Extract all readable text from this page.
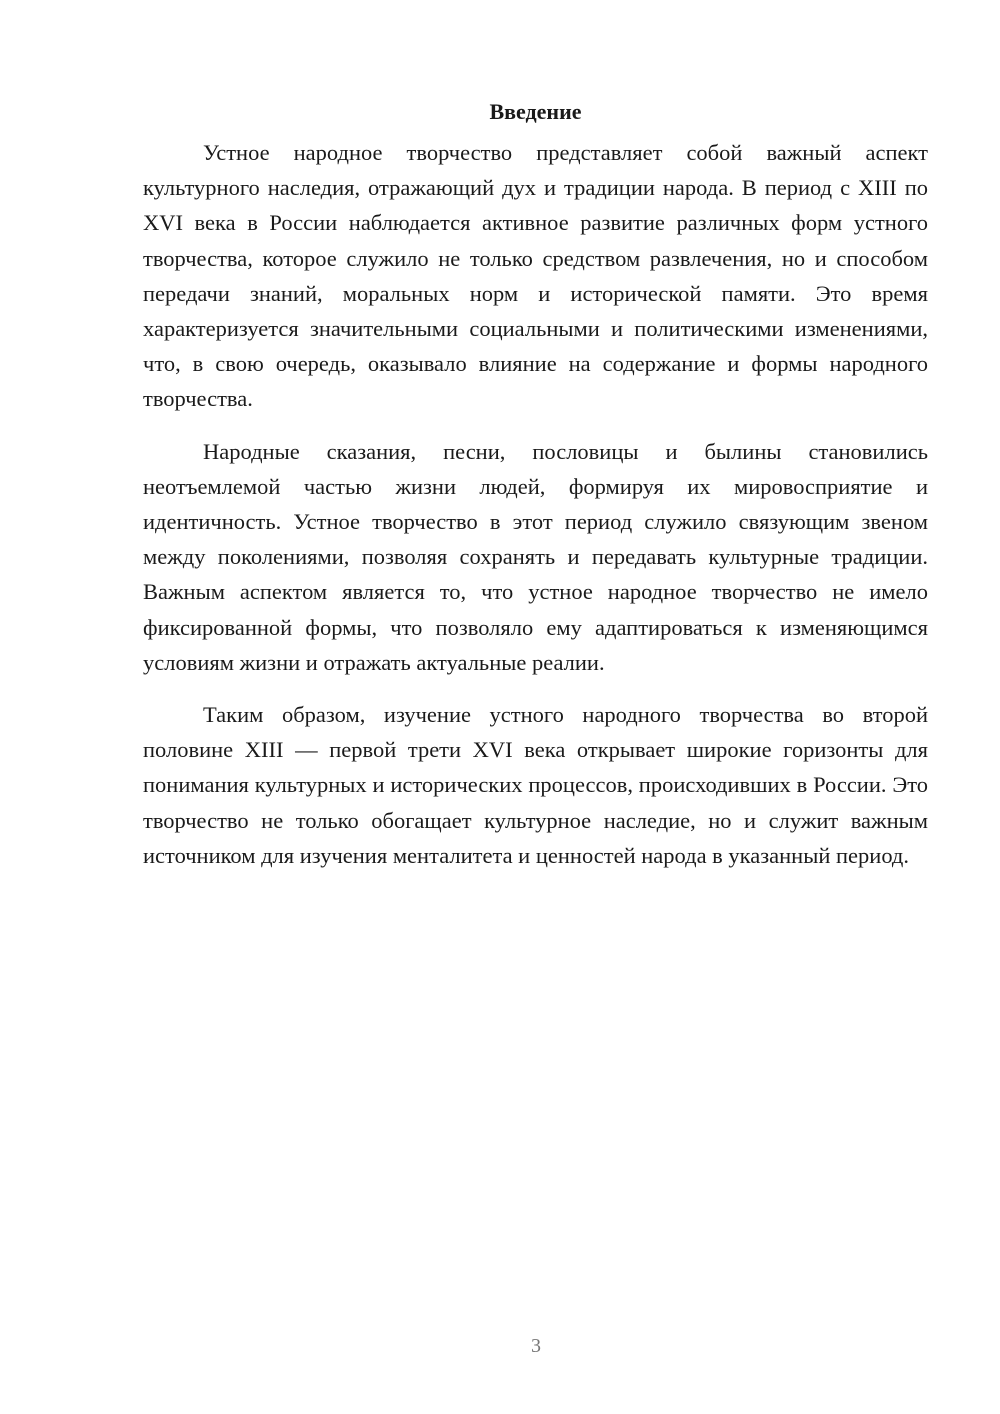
Введение

Устное народное творчество представляет собой важный аспект культурного наследия, отражающий дух и традиции народа. В период с XIII по XVI века в России наблюдается активное развитие различных форм устного творчества, которое служило не только средством развлечения, но и способом передачи знаний, моральных норм и исторической памяти. Это время характеризуется значительными социальными и политическими изменениями, что, в свою очередь, оказывало влияние на содержание и формы народного творчества.

Народные сказания, песни, пословицы и былины становились неотъемлемой частью жизни людей, формируя их мировосприятие и идентичность. Устное творчество в этот период служило связующим звеном между поколениями, позволяя сохранять и передавать культурные традиции. Важным аспектом является то, что устное народное творчество не имело фиксированной формы, что позволяло ему адаптироваться к изменяющимся условиям жизни и отражать актуальные реалии.

Таким образом, изучение устного народного творчества во второй половине XIII — первой трети XVI века открывает широкие горизонты для понимания культурных и исторических процессов, происходивших в России. Это творчество не только обогащает культурное наследие, но и служит важным источником для изучения менталитета и ценностей народа в указанный период.

3
